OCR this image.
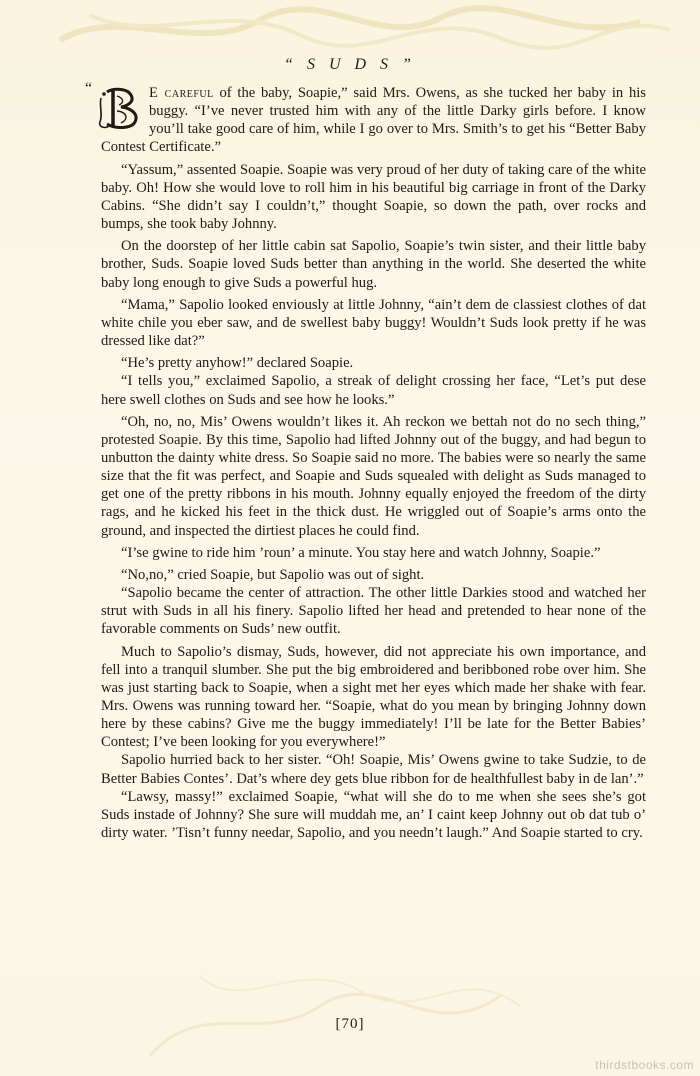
“ S U D S ”

“	E careful of the baby, Soapie,” said Mrs. Owens, as she tucked her baby in his buggy. “I’ve never trusted him with any of the little Darky girls before. I know you’ll take good care of him, while I go over to Mrs. Smith’s to get his “Better Baby Contest Certificate.”

“Yassum,” assented Soapie. Soapie was very proud of her duty of taking care of the white baby. Oh! How she would love to roll him in his beautiful big carriage in front of the Darky Cabins. “She didn’t say I couldn’t,” thought Soapie, so down the path, over rocks and bumps, she took baby Johnny.

On the doorstep of her little cabin sat Sapolio, Soapie’s twin sister, and their little baby brother, Suds. Soapie loved Suds better than anything in the world. She deserted the white baby long enough to give Suds a powerful hug.

“Mama,” Sapolio looked enviously at little Johnny, “ain’t dem de classiest clothes of dat white chile you eber saw, and de swellest baby buggy! Wouldn’t Suds look pretty if he was dressed like dat?”

“He’s pretty anyhow!” declared Soapie.

“I tells you,” exclaimed Sapolio, a streak of delight crossing her face, “Let’s put dese here swell clothes on Suds and see how he looks.”

“Oh, no, no, Mis’ Owens wouldn’t likes it. Ah reckon we bettah not do no sech thing,” protested Soapie. By this time, Sapolio had lifted Johnny out of the buggy, and had begun to unbutton the dainty white dress. So Soapie said no more. The babies were so nearly the same size that the fit was perfect, and Soapie and Suds squealed with delight as Suds managed to get one of the pretty ribbons in his mouth. Johnny equally enjoyed the freedom of the dirty rags, and he kicked his feet in the thick dust. He wriggled out of Soapie’s arms onto the ground, and inspected the dirtiest places he could find.

“I’se gwine to ride him ’roun’ a minute. You stay here and watch Johnny, Soapie.”

“No,no,” cried Soapie, but Sapolio was out of sight.

“Sapolio became the center of attraction. The other little Darkies stood and watched her strut with Suds in all his finery. Sapolio lifted her head and pretended to hear none of the favorable comments on Suds’ new outfit.

Much to Sapolio’s dismay, Suds, however, did not appreciate his own importance, and fell into a tranquil slumber. She put the big embroidered and beribboned robe over him. She was just starting back to Soapie, when a sight met her eyes which made her shake with fear. Mrs. Owens was running toward her. “Soapie, what do you mean by bringing Johnny down here by these cabins? Give me the buggy immediately! I’ll be late for the Better Babies’ Contest; I’ve been looking for you everywhere!”

Sapolio hurried back to her sister. “Oh! Soapie, Mis’ Owens gwine to take Sudzie, to de Better Babies Contes’. Dat’s where dey gets blue ribbon for de healthfullest baby in de lan’.”

“Lawsy, massy!” exclaimed Soapie, “what will she do to me when she sees she’s got Suds instade of Johnny? She sure will muddah me, an’ I caint keep Johnny out ob dat tub o’ dirty water. ’Tisn’t funny needar, Sapolio, and you needn’t laugh.” And Soapie started to cry.

[70]
thirdstbooks.com
